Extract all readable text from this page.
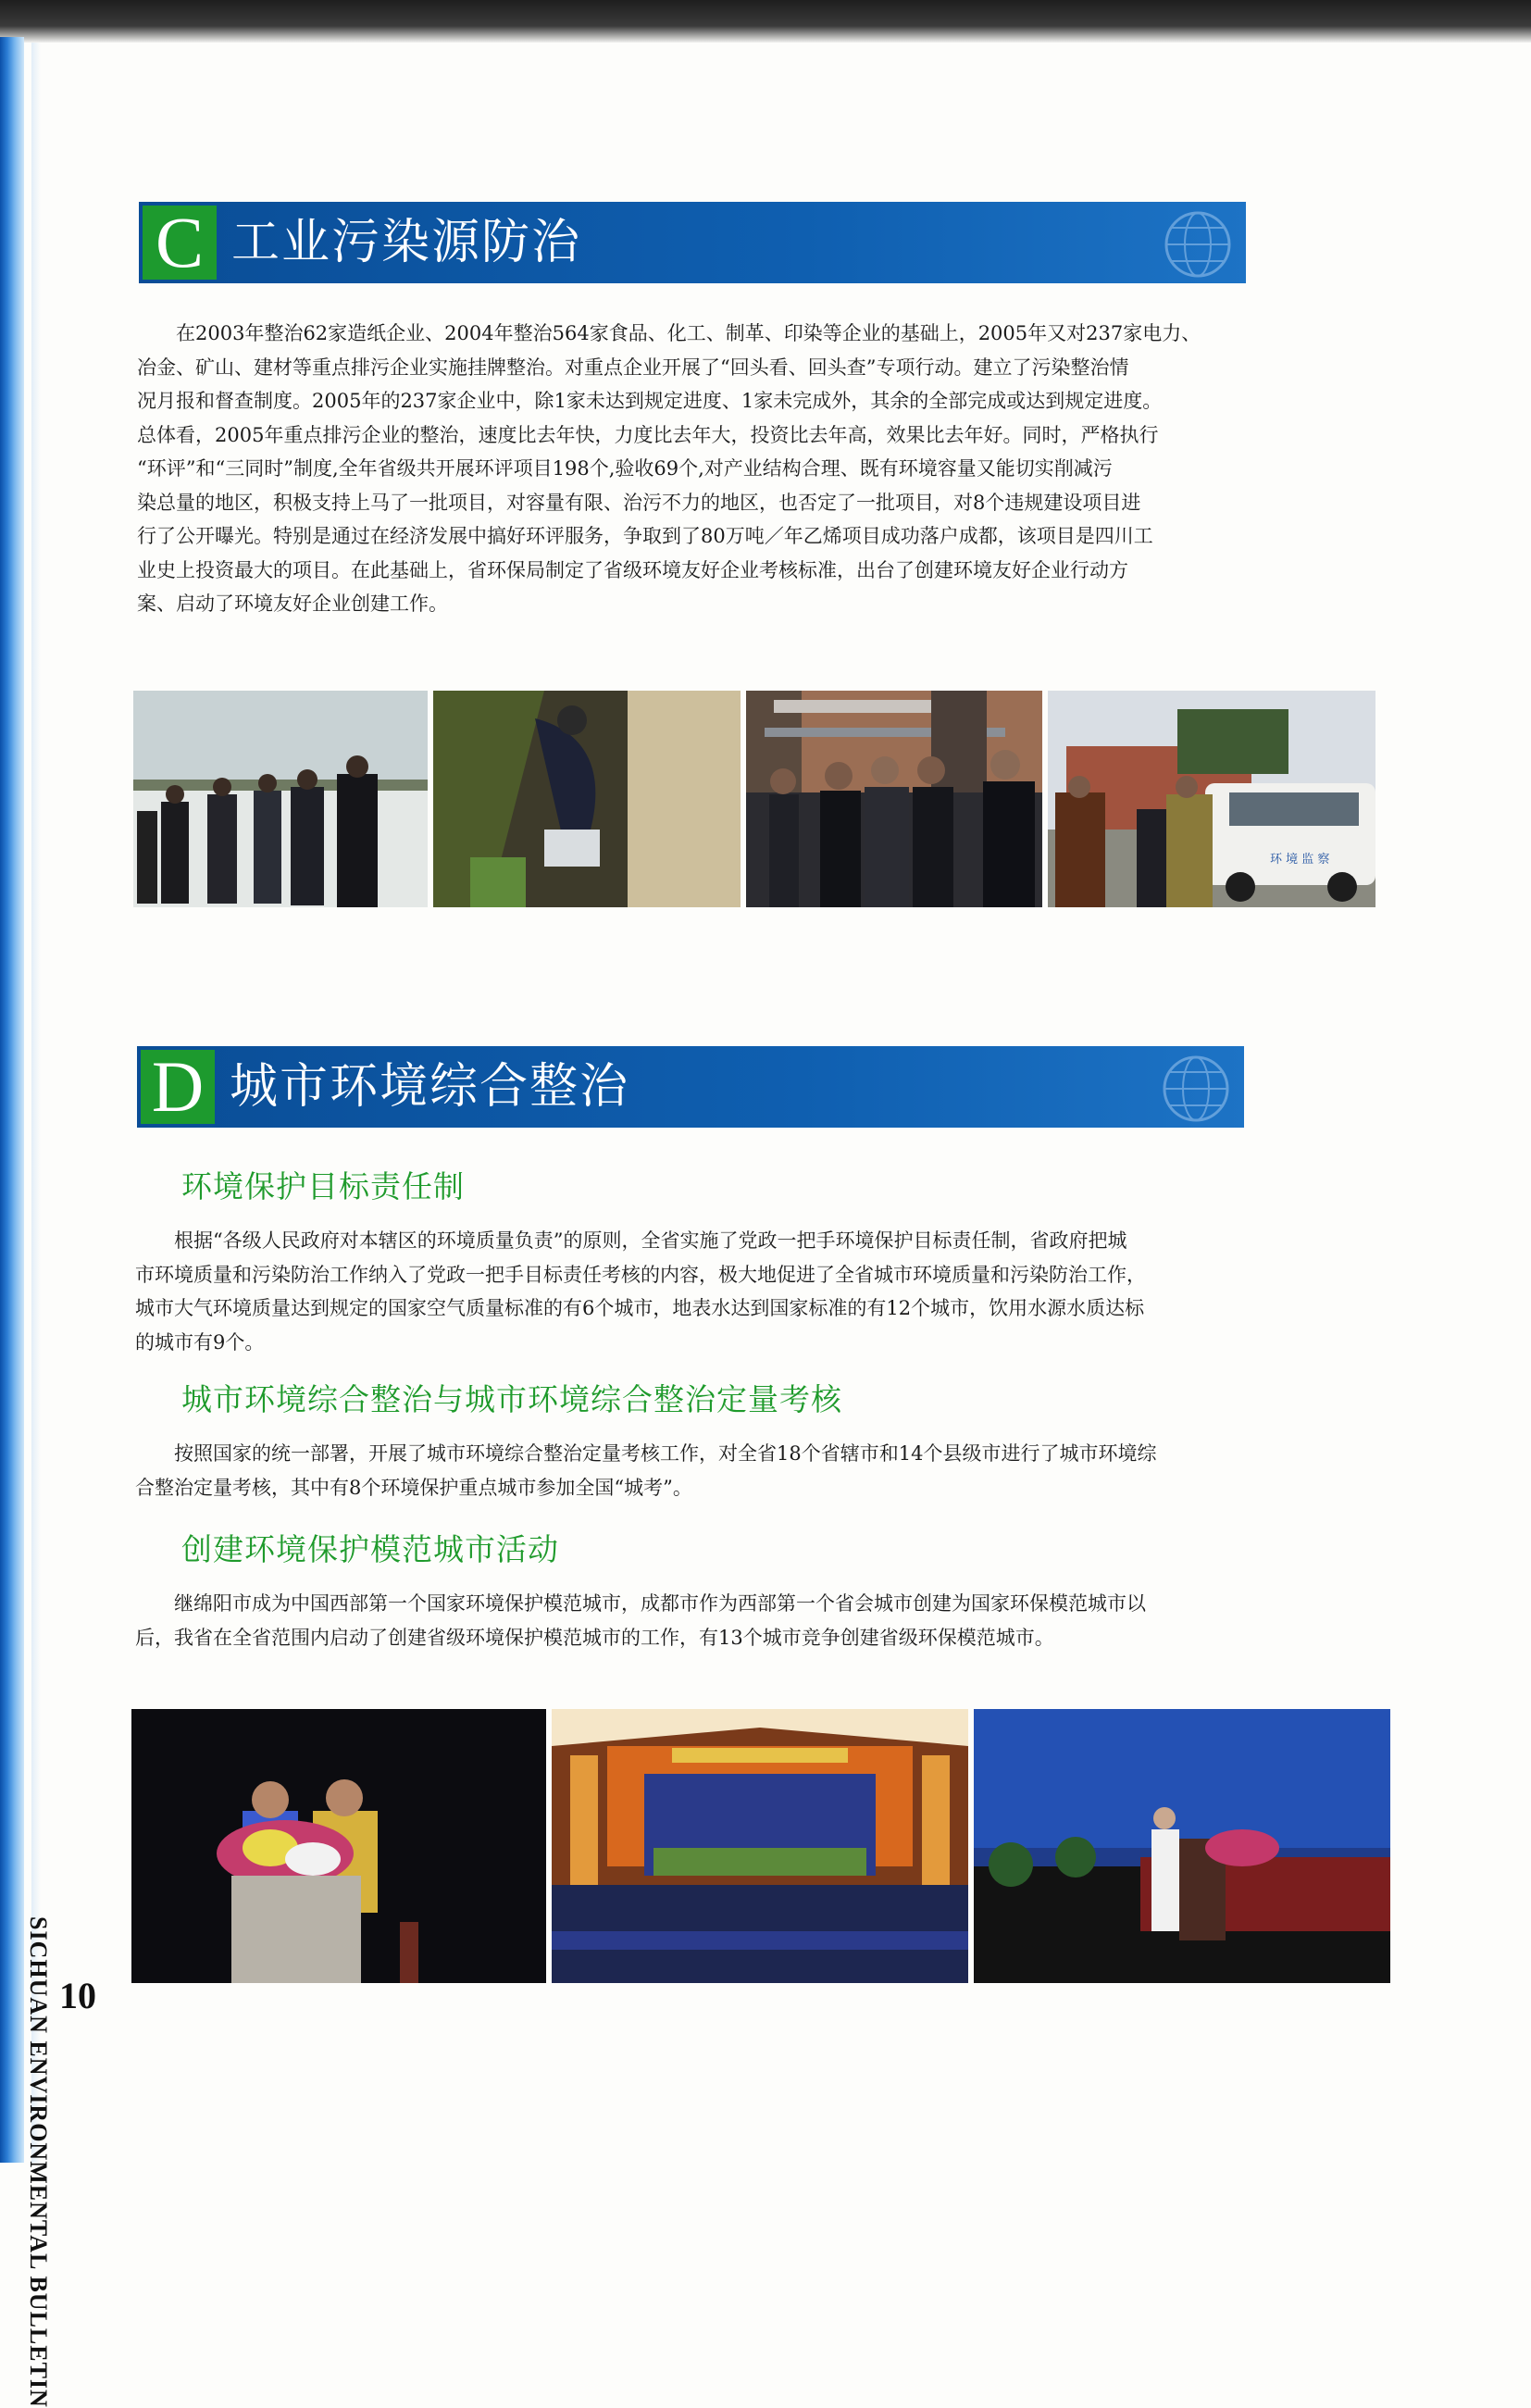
C 工业污染源防治
　　在2003年整治62家造纸企业、2004年整治564家食品、化工、制革、印染等企业的基础上，2005年又对237家电力、
冶金、矿山、建材等重点排污企业实施挂牌整治。对重点企业开展了“回头看、回头查”专项行动。建立了污染整治情
况月报和督查制度。2005年的237家企业中，除1家未达到规定进度、1家未完成外，其余的全部完成或达到规定进度。
总体看，2005年重点排污企业的整治，速度比去年快，力度比去年大，投资比去年高，效果比去年好。同时，严格执行
“环评”和“三同时”制度,全年省级共开展环评项目198个,验收69个,对产业结构合理、既有环境容量又能切实削减污
染总量的地区，积极支持上马了一批项目，对容量有限、治污不力的地区，也否定了一批项目，对8个违规建设项目进
行了公开曝光。特别是通过在经济发展中搞好环评服务，争取到了80万吨／年乙烯项目成功落户成都，该项目是四川工
业史上投资最大的项目。在此基础上，省环保局制定了省级环境友好企业考核标准，出台了创建环境友好企业行动方
案、启动了环境友好企业创建工作。
环 境 监 察
D 城市环境综合整治
环境保护目标责任制
　　根据“各级人民政府对本辖区的环境质量负责”的原则，全省实施了党政一把手环境保护目标责任制，省政府把城
市环境质量和污染防治工作纳入了党政一把手目标责任考核的内容，极大地促进了全省城市环境质量和污染防治工作，
城市大气环境质量达到规定的国家空气质量标准的有6个城市，地表水达到国家标准的有12个城市，饮用水源水质达标
的城市有9个。
城市环境综合整治与城市环境综合整治定量考核
　　按照国家的统一部署，开展了城市环境综合整治定量考核工作，对全省18个省辖市和14个县级市进行了城市环境综
合整治定量考核，其中有8个环境保护重点城市参加全国“城考”。
创建环境保护模范城市活动
　　继绵阳市成为中国西部第一个国家环境保护模范城市，成都市作为西部第一个省会城市创建为国家环保模范城市以
后，我省在全省范围内启动了创建省级环境保护模范城市的工作，有13个城市竞争创建省级环保模范城市。
SICHUAN ENVIRONMENTAL BULLETIN 10
